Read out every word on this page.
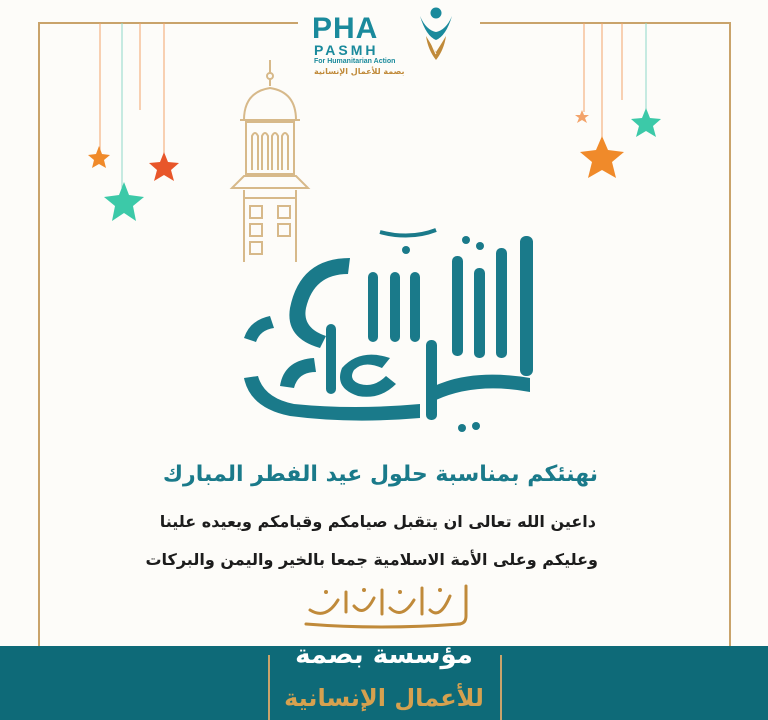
PHA
PASMH
For Humanitarian Action
بصمة للأعمال الإنسانية
نهنئكم بمناسبة حلول عيد الفطر المبارك
داعين الله تعالى ان يتقبل صيامكم وقيامكم ويعيده علينا
وعليكم وعلى الأمة الاسلامية جمعا بالخير واليمن والبركات
مؤسسة بصمة
للأعمال الإنسانية
